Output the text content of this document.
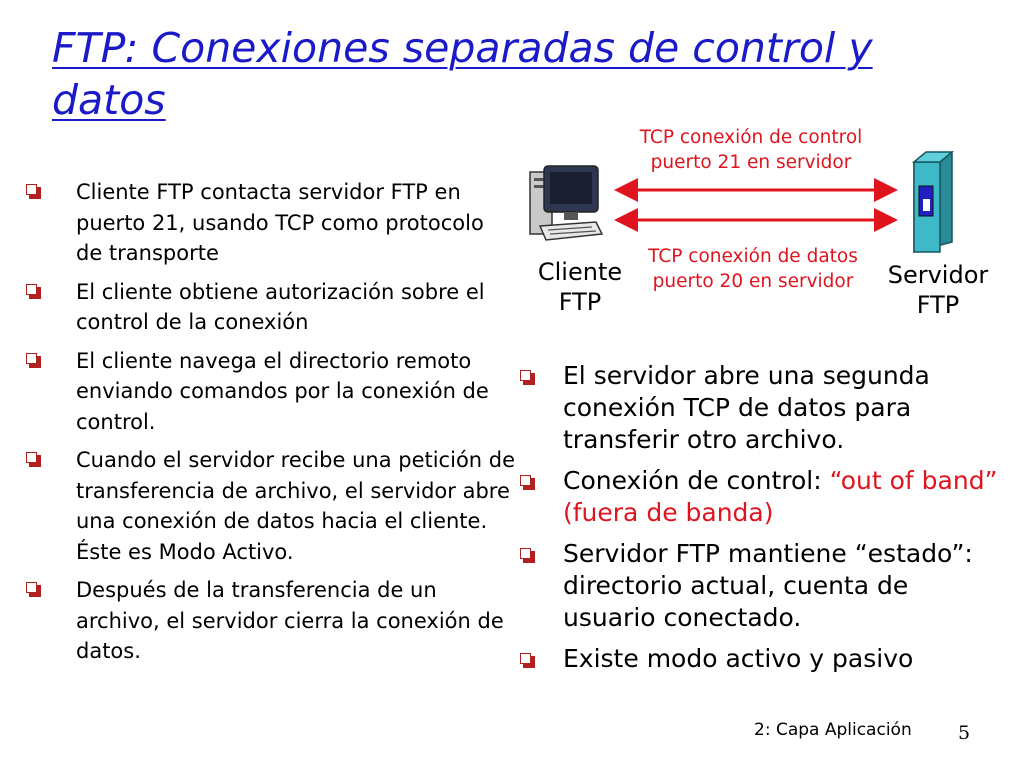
FTP: Conexiones separadas de control y datos
Cliente FTP contacta servidor FTP en puerto 21, usando TCP como protocolo de transporte
El cliente obtiene autorización sobre el control de la conexión
El cliente navega el directorio remoto enviando comandos por la conexión de control.
Cuando el servidor recibe una petición de transferencia de archivo, el servidor abre una conexión de datos hacia el cliente. Éste es Modo Activo.
Después de la transferencia de un archivo, el servidor cierra la conexión de datos.
TCP conexión de control
puerto 21 en servidor
TCP conexión de datos
puerto 20 en servidor
Cliente
FTP
Servidor
FTP
El servidor abre una segunda conexión TCP de datos para transferir otro archivo.
Conexión de control: “out of band” (fuera de banda)
Servidor FTP mantiene “estado”: directorio actual, cuenta de usuario conectado.
Existe modo activo y pasivo
2: Capa Aplicación 5
